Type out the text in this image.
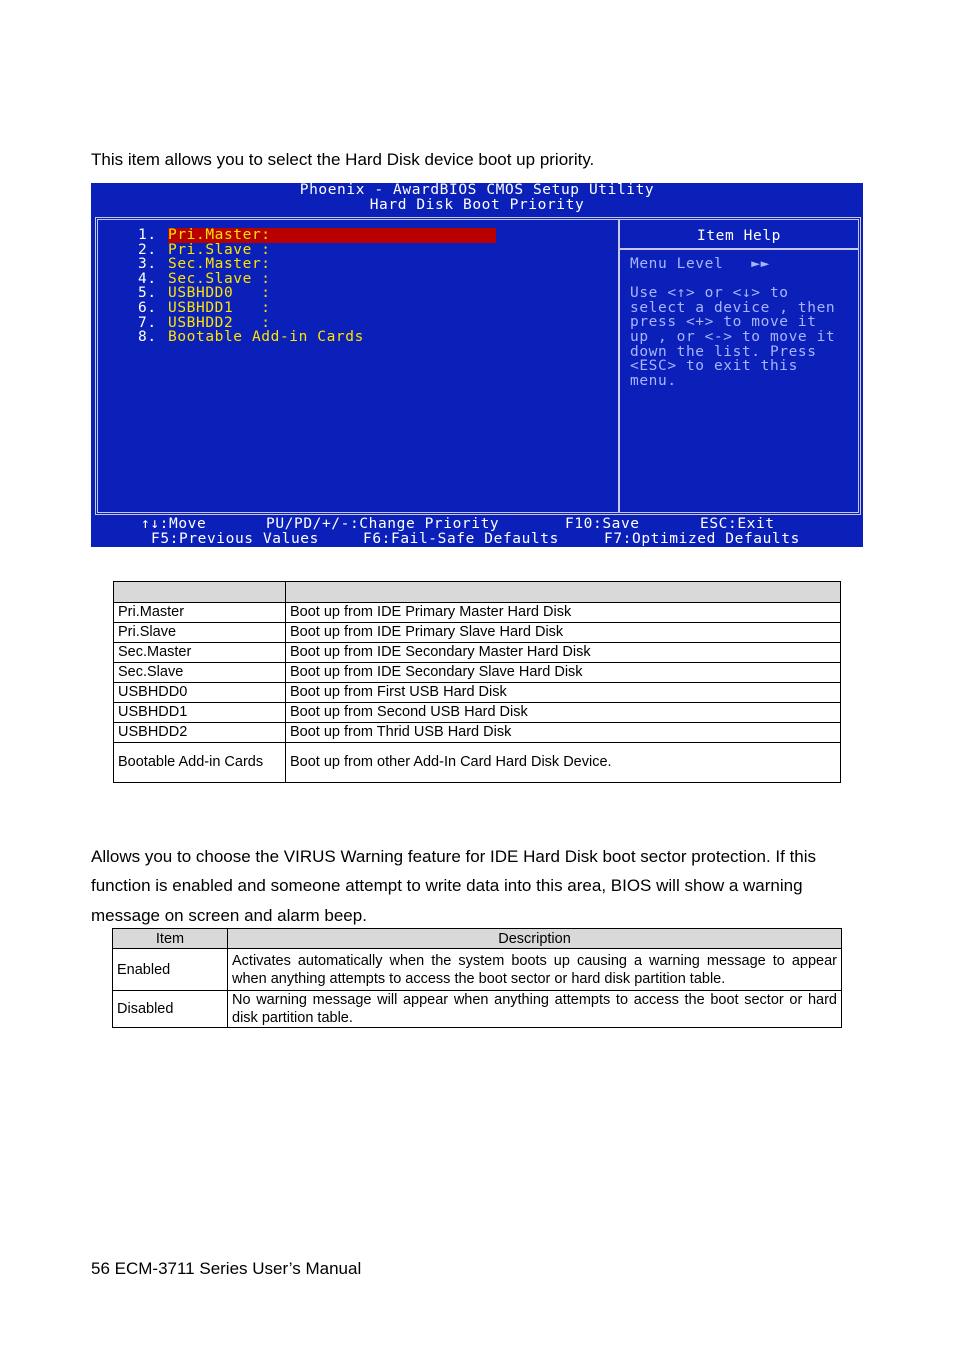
This item allows you to select the Hard Disk device boot up priority.

Phoenix - AwardBIOS CMOS Setup Utility
Hard Disk Boot Priority
Item Help
1. Pri.Master:
2. Pri.Slave :
3. Sec.Master:
4. Sec.Slave :
5. USBHDD0   :
6. USBHDD1   :
7. USBHDD2   :
8. Bootable Add-in Cards
Menu Level   ►►

Use <↑> or <↓> to
select a device , then
press <+> to move it
up , or <-> to move it
down the list. Press
<ESC> to exit this
menu.
↑↓:Move	PU/PD/+/-:Change Priority	F10:Save	ESC:Exit
F5:Previous Values	F6:Fail-Safe Defaults	F7:Optimized Defaults

Pri.Master	Boot up from IDE Primary Master Hard Disk
Pri.Slave	Boot up from IDE Primary Slave Hard Disk
Sec.Master	Boot up from IDE Secondary Master Hard Disk
Sec.Slave	Boot up from IDE Secondary Slave Hard Disk
USBHDD0	Boot up from First USB Hard Disk
USBHDD1	Boot up from Second USB Hard Disk
USBHDD2	Boot up from Thrid USB Hard Disk
Bootable Add-in Cards	Boot up from other Add-In Card Hard Disk Device.

Allows you to choose the VIRUS Warning feature for IDE Hard Disk boot sector protection. If this function is enabled and someone attempt to write data into this area, BIOS will show a warning message on screen and alarm beep.

Item	Description
Enabled	Activates automatically when the system boots up causing a warning message to appear when anything attempts to access the boot sector or hard disk partition table.
Disabled	No warning message will appear when anything attempts to access the boot sector or hard disk partition table.

56 ECM-3711 Series User’s Manual
